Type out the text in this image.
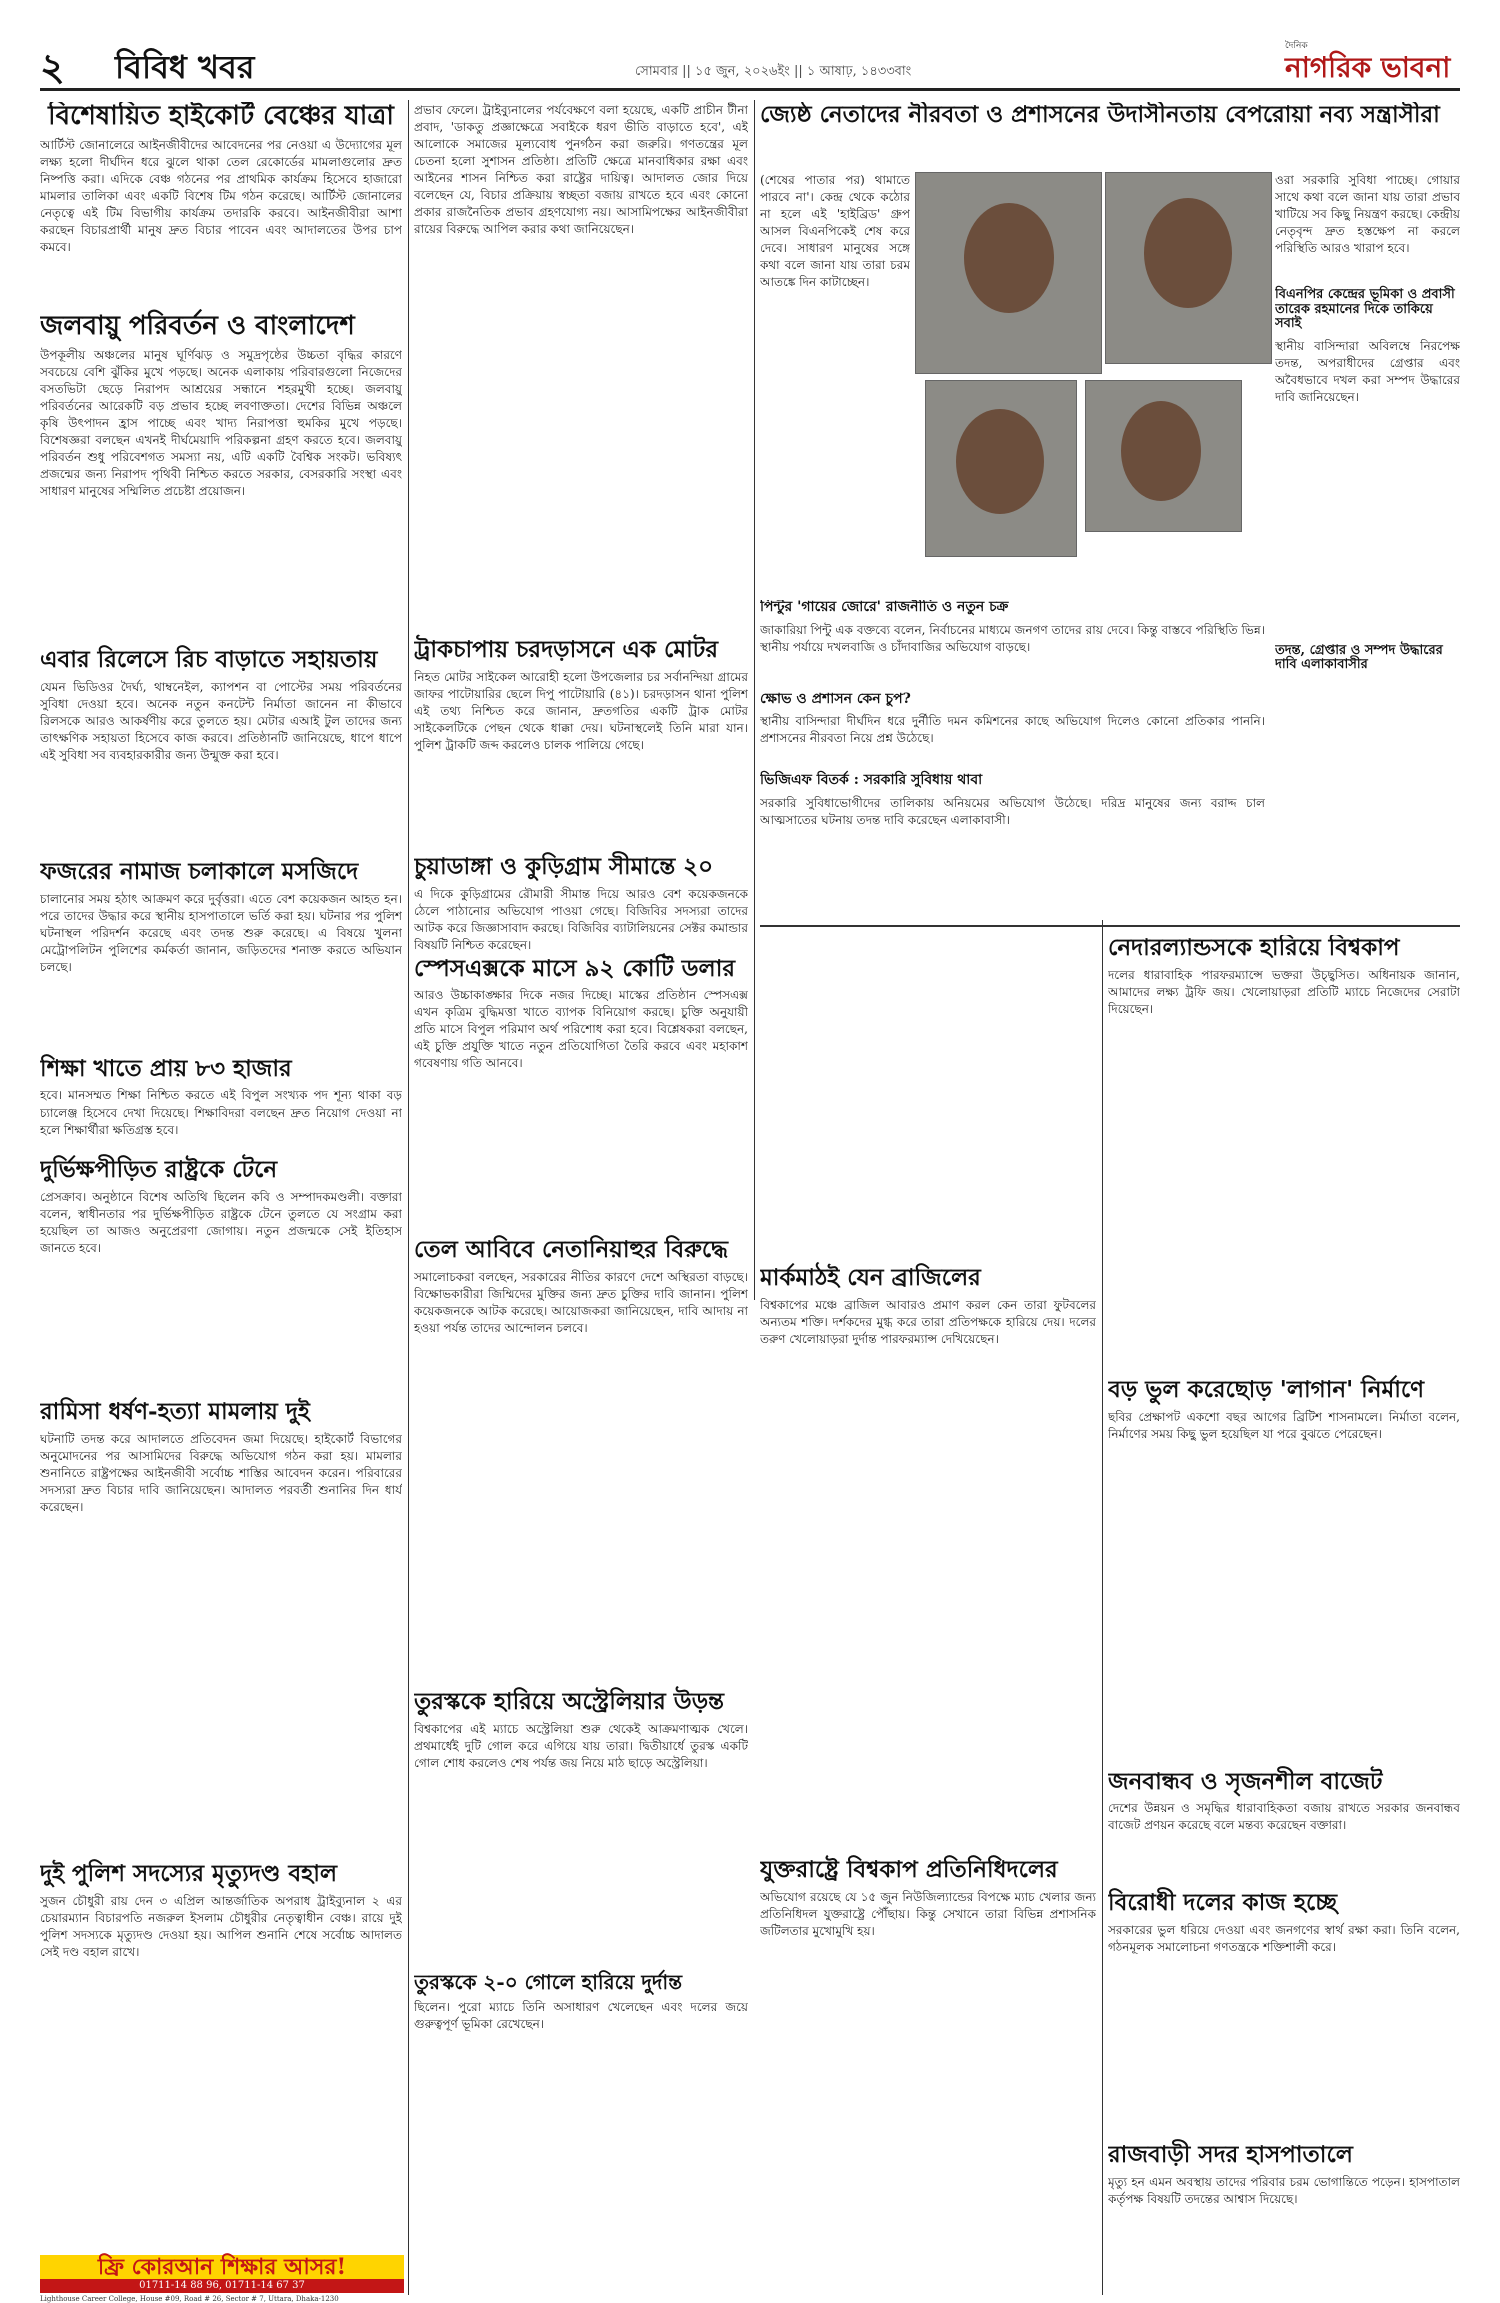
২	বিবিধ খবর	সোমবার || ১৫ জুন, ২০২৬ইং || ১ আষাঢ়, ১৪৩৩বাং
দৈনিক
নাগরিক ভাবনা
বিশেষায়িত হাইকোর্ট বেঞ্চের যাত্রা

আর্টিস্ট জোনালেরে আইনজীবীদের আবেদনের পর নেওয়া এ উদ্যোগের মূল লক্ষ্য হলো দীর্ঘদিন ধরে ঝুলে থাকা তেল রেকোর্ডের মামলাগুলোর দ্রুত নিষ্পত্তি করা। এদিকে বেঞ্চ গঠনের পর প্রাথমিক কার্যক্রম হিসেবে হাজারো মামলার তালিকা এবং একটি বিশেষ টিম গঠন করেছে। আর্টিস্ট জোনালের নেতৃত্বে এই টিম বিভাগীয় কার্যক্রম তদারকি করবে। আইনজীবীরা আশা করছেন বিচারপ্রার্থী মানুষ দ্রুত বিচার পাবেন এবং আদালতের উপর চাপ কমবে।

জলবায়ু পরিবর্তন ও বাংলাদেশ

উপকূলীয় অঞ্চলের মানুষ ঘূর্ণিঝড় ও সমুদ্রপৃষ্ঠের উচ্চতা বৃদ্ধির কারণে সবচেয়ে বেশি ঝুঁকির মুখে পড়ছে। অনেক এলাকায় পরিবারগুলো নিজেদের বসতভিটা ছেড়ে নিরাপদ আশ্রয়ের সন্ধানে শহরমুখী হচ্ছে। জলবায়ু পরিবর্তনের আরেকটি বড় প্রভাব হচ্ছে লবণাক্ততা। দেশের বিভিন্ন অঞ্চলে কৃষি উৎপাদন হ্রাস পাচ্ছে এবং খাদ্য নিরাপত্তা হুমকির মুখে পড়ছে। বিশেষজ্ঞরা বলছেন এখনই দীর্ঘমেয়াদি পরিকল্পনা গ্রহণ করতে হবে। জলবায়ু পরিবর্তন শুধু পরিবেশগত সমস্যা নয়, এটি একটি বৈশ্বিক সংকট। ভবিষ্যৎ প্রজন্মের জন্য নিরাপদ পৃথিবী নিশ্চিত করতে সরকার, বেসরকারি সংস্থা এবং সাধারণ মানুষের সম্মিলিত প্রচেষ্টা প্রয়োজন।

এবার রিলেসে রিচ বাড়াতে সহায়তায়

যেমন ভিডিওর দৈর্ঘ্য, থাম্বনেইল, ক্যাপশন বা পোস্টের সময় পরিবর্তনের সুবিধা দেওয়া হবে। অনেক নতুন কনটেন্ট নির্মাতা জানেন না কীভাবে রিলসকে আরও আকর্ষণীয় করে তুলতে হয়। মেটার এআই টুল তাদের জন্য তাৎক্ষণিক সহায়তা হিসেবে কাজ করবে। প্রতিষ্ঠানটি জানিয়েছে, ধাপে ধাপে এই সুবিধা সব ব্যবহারকারীর জন্য উন্মুক্ত করা হবে।

ফজরের নামাজ চলাকালে মসজিদে

চালানোর সময় হঠাৎ আক্রমণ করে দুর্বৃত্তরা। এতে বেশ কয়েকজন আহত হন। পরে তাদের উদ্ধার করে স্থানীয় হাসপাতালে ভর্তি করা হয়। ঘটনার পর পুলিশ ঘটনাস্থল পরিদর্শন করেছে এবং তদন্ত শুরু করেছে। এ বিষয়ে খুলনা মেট্রোপলিটন পুলিশের কর্মকর্তা জানান, জড়িতদের শনাক্ত করতে অভিযান চলছে।

শিক্ষা খাতে প্রায় ৮৩ হাজার

হবে। মানসম্মত শিক্ষা নিশ্চিত করতে এই বিপুল সংখ্যক পদ শূন্য থাকা বড় চ্যালেঞ্জ হিসেবে দেখা দিয়েছে। শিক্ষাবিদরা বলছেন দ্রুত নিয়োগ দেওয়া না হলে শিক্ষার্থীরা ক্ষতিগ্রস্ত হবে।

দুর্ভিক্ষপীড়িত রাষ্ট্রকে টেনে

প্রেসক্রাব। অনুষ্ঠানে বিশেষ অতিথি ছিলেন কবি ও সম্পাদকমণ্ডলী। বক্তারা বলেন, স্বাধীনতার পর দুর্ভিক্ষপীড়িত রাষ্ট্রকে টেনে তুলতে যে সংগ্রাম করা হয়েছিল তা আজও অনুপ্রেরণা জোগায়। নতুন প্রজন্মকে সেই ইতিহাস জানতে হবে।

রামিসা ধর্ষণ-হত্যা মামলায় দুই

ঘটনাটি তদন্ত করে আদালতে প্রতিবেদন জমা দিয়েছে। হাইকোর্ট বিভাগের অনুমোদনের পর আসামিদের বিরুদ্ধে অভিযোগ গঠন করা হয়। মামলার শুনানিতে রাষ্ট্রপক্ষের আইনজীবী সর্বোচ্চ শাস্তির আবেদন করেন। পরিবারের সদস্যরা দ্রুত বিচার দাবি জানিয়েছেন। আদালত পরবর্তী শুনানির দিন ধার্য করেছেন।

দুই পুলিশ সদস্যের মৃত্যুদণ্ড বহাল

সুজন চৌধুরী রায় দেন ৩ এপ্রিল আন্তর্জাতিক অপরাধ ট্রাইব্যুনাল ২ এর চেয়ারম্যান বিচারপতি নজরুল ইসলাম চৌধুরীর নেতৃত্বাধীন বেঞ্চ। রায়ে দুই পুলিশ সদস্যকে মৃত্যুদণ্ড দেওয়া হয়। আপিল শুনানি শেষে সর্বোচ্চ আদালত সেই দণ্ড বহাল রাখে।

প্রভাব ফেলে। ট্রাইব্যুনালের পর্যবেক্ষণে বলা হয়েছে, একটি প্রাচীন টীনা প্রবাদ, 'ডাকতু প্রজ্ঞাক্ষেত্রে সবাইকে ধরণ ভীতি বাড়াতে হবে', এই আলোকে সমাজের মূল্যবোধ পুনর্গঠন করা জরুরি। গণতন্ত্রের মূল চেতনা হলো সুশাসন প্রতিষ্ঠা। প্রতিটি ক্ষেত্রে মানবাধিকার রক্ষা এবং আইনের শাসন নিশ্চিত করা রাষ্ট্রের দায়িত্ব। আদালত জোর দিয়ে বলেছেন যে, বিচার প্রক্রিয়ায় স্বচ্ছতা বজায় রাখতে হবে এবং কোনো প্রকার রাজনৈতিক প্রভাব গ্রহণযোগ্য নয়। আসামিপক্ষের আইনজীবীরা রায়ের বিরুদ্ধে আপিল করার কথা জানিয়েছেন।

ট্রাকচাপায় চরদড়াসনে এক মোটর

নিহত মোটর সাইকেল আরোহী হলো উপজেলার চর সর্বানন্দিয়া গ্রামের জাফর পাটোয়ারির ছেলে দিপু পাটোয়ারি (৪১)। চরদড়াসন থানা পুলিশ এই তথ্য নিশ্চিত করে জানান, দ্রুতগতির একটি ট্রাক মোটর সাইকেলটিকে পেছন থেকে ধাক্কা দেয়। ঘটনাস্থলেই তিনি মারা যান। পুলিশ ট্রাকটি জব্দ করলেও চালক পালিয়ে গেছে।

চুয়াডাঙ্গা ও কুড়িগ্রাম সীমান্তে ২০

এ দিকে কুড়িগ্রামের রৌমারী সীমান্ত দিয়ে আরও বেশ কয়েকজনকে ঠেলে পাঠানোর অভিযোগ পাওয়া গেছে। বিজিবির সদস্যরা তাদের আটক করে জিজ্ঞাসাবাদ করছে। বিজিবির ব্যাটালিয়নের সেক্টর কমান্ডার বিষয়টি নিশ্চিত করেছেন।

স্পেসএক্সকে মাসে ৯২ কোটি ডলার

আরও উচ্চাকাঙ্ক্ষার দিকে নজর দিচ্ছে। মাস্কের প্রতিষ্ঠান স্পেসএক্স এখন কৃত্রিম বুদ্ধিমত্তা খাতে ব্যাপক বিনিয়োগ করছে। চুক্তি অনুযায়ী প্রতি মাসে বিপুল পরিমাণ অর্থ পরিশোধ করা হবে। বিশ্লেষকরা বলছেন, এই চুক্তি প্রযুক্তি খাতে নতুন প্রতিযোগিতা তৈরি করবে এবং মহাকাশ গবেষণায় গতি আনবে।

তেল আবিবে নেতানিয়াহুর বিরুদ্ধে

সমালোচকরা বলছেন, সরকারের নীতির কারণে দেশে অস্থিরতা বাড়ছে। বিক্ষোভকারীরা জিম্মিদের মুক্তির জন্য দ্রুত চুক্তির দাবি জানান। পুলিশ কয়েকজনকে আটক করেছে। আয়োজকরা জানিয়েছেন, দাবি আদায় না হওয়া পর্যন্ত তাদের আন্দোলন চলবে।

তুরস্ককে হারিয়ে অস্ট্রেলিয়ার উড়ন্ত

বিশ্বকাপের এই ম্যাচে অস্ট্রেলিয়া শুরু থেকেই আক্রমণাত্মক খেলে। প্রথমার্ধেই দুটি গোল করে এগিয়ে যায় তারা। দ্বিতীয়ার্ধে তুরস্ক একটি গোল শোধ করলেও শেষ পর্যন্ত জয় নিয়ে মাঠ ছাড়ে অস্ট্রেলিয়া।

তুরস্ককে ২-০ গোলে হারিয়ে দুর্দান্ত

ছিলেন। পুরো ম্যাচে তিনি অসাধারণ খেলেছেন এবং দলের জয়ে গুরুত্বপূর্ণ ভূমিকা রেখেছেন।

জ্যেষ্ঠ নেতাদের নীরবতা ও প্রশাসনের উদাসীনতায় বেপরোয়া নব্য সন্ত্রাসীরা

(শেষের পাতার পর) থামাতে পারবে না'। কেন্দ্র থেকে কঠোর না হলে এই 'হাইব্রিড' গ্রুপ আসল বিএনপিকেই শেষ করে দেবে। সাধারণ মানুষের সঙ্গে কথা বলে জানা যায় তারা চরম আতঙ্কে দিন কাটাচ্ছেন।

ওরা সরকারি সুবিধা পাচ্ছে। গোয়ার সাথে কথা বলে জানা যায় তারা প্রভাব খাটিয়ে সব কিছু নিয়ন্ত্রণ করছে। কেন্দ্রীয় নেতৃবৃন্দ দ্রুত হস্তক্ষেপ না করলে পরিস্থিতি আরও খারাপ হবে।

বিএনপির কেন্দ্রের ভূমিকা ও প্রবাসী তারেক রহমানের দিকে তাকিয়ে সবাই

স্থানীয় বাসিন্দারা অবিলম্বে নিরপেক্ষ তদন্ত, অপরাধীদের গ্রেপ্তার এবং অবৈধভাবে দখল করা সম্পদ উদ্ধারের দাবি জানিয়েছেন।

তদন্ত, গ্রেপ্তার ও সম্পদ উদ্ধারের দাবি এলাকাবাসীর
পিন্টুর 'গায়ের জোরে' রাজনীতি ও নতুন চক্র

জাকারিয়া পিন্টু এক বক্তব্যে বলেন, নির্বাচনের মাধ্যমে জনগণ তাদের রায় দেবে। কিন্তু বাস্তবে পরিস্থিতি ভিন্ন। স্থানীয় পর্যায়ে দখলবাজি ও চাঁদাবাজির অভিযোগ বাড়ছে।

ক্ষোভ ও প্রশাসন কেন চুপ?

স্থানীয় বাসিন্দারা দীর্ঘদিন ধরে দুর্নীতি দমন কমিশনের কাছে অভিযোগ দিলেও কোনো প্রতিকার পাননি। প্রশাসনের নীরবতা নিয়ে প্রশ্ন উঠেছে।

ভিজিএফ বিতর্ক : সরকারি সুবিধায় থাবা

সরকারি সুবিধাভোগীদের তালিকায় অনিয়মের অভিযোগ উঠেছে। দরিদ্র মানুষের জন্য বরাদ্দ চাল আত্মসাতের ঘটনায় তদন্ত দাবি করেছেন এলাকাবাসী।

মাৰ্কমাঠই যেন ব্রাজিলের

বিশ্বকাপের মঞ্চে ব্রাজিল আবারও প্রমাণ করল কেন তারা ফুটবলের অন্যতম শক্তি। দর্শকদের মুগ্ধ করে তারা প্রতিপক্ষকে হারিয়ে দেয়। দলের তরুণ খেলোয়াড়রা দুর্দান্ত পারফরম্যান্স দেখিয়েছেন।

যুক্তরাষ্ট্রে বিশ্বকাপ প্রতিনিধিদলের

অভিযোগ রয়েছে যে ১৫ জুন নিউজিল্যান্ডের বিপক্ষে ম্যাচ খেলার জন্য প্রতিনিধিদল যুক্তরাষ্ট্রে পৌঁছায়। কিন্তু সেখানে তারা বিভিন্ন প্রশাসনিক জটিলতার মুখোমুখি হয়।

নেদারল্যান্ডসকে হারিয়ে বিশ্বকাপ

দলের ধারাবাহিক পারফরম্যান্সে ভক্তরা উচ্ছ্বসিত। অধিনায়ক জানান, আমাদের লক্ষ্য ট্রফি জয়। খেলোয়াড়রা প্রতিটি ম্যাচে নিজেদের সেরাটা দিয়েছেন।

বড় ভুল করেছোড় 'লাগান' নির্মাণে

ছবির প্রেক্ষাপট একশো বছর আগের ব্রিটিশ শাসনামলে। নির্মাতা বলেন, নির্মাণের সময় কিছু ভুল হয়েছিল যা পরে বুঝতে পেরেছেন।

জনবান্ধব ও সৃজনশীল বাজেট

দেশের উন্নয়ন ও সমৃদ্ধির ধারাবাহিকতা বজায় রাখতে সরকার জনবান্ধব বাজেট প্রণয়ন করেছে বলে মন্তব্য করেছেন বক্তারা।

বিরোধী দলের কাজ হচ্ছে

সরকারের ভুল ধরিয়ে দেওয়া এবং জনগণের স্বার্থ রক্ষা করা। তিনি বলেন, গঠনমূলক সমালোচনা গণতন্ত্রকে শক্তিশালী করে।

রাজবাড়ী সদর হাসপাতালে

মৃত্যু হন এমন অবস্থায় তাদের পরিবার চরম ভোগান্তিতে পড়েন। হাসপাতাল কর্তৃপক্ষ বিষয়টি তদন্তের আশ্বাস দিয়েছে।

ফ্রি কোরআন শিক্ষার আসর!
01711-14 88 96, 01711-14 67 37
Lighthouse Career College, House #09, Road # 26, Sector # 7, Uttara, Dhaka-1230
